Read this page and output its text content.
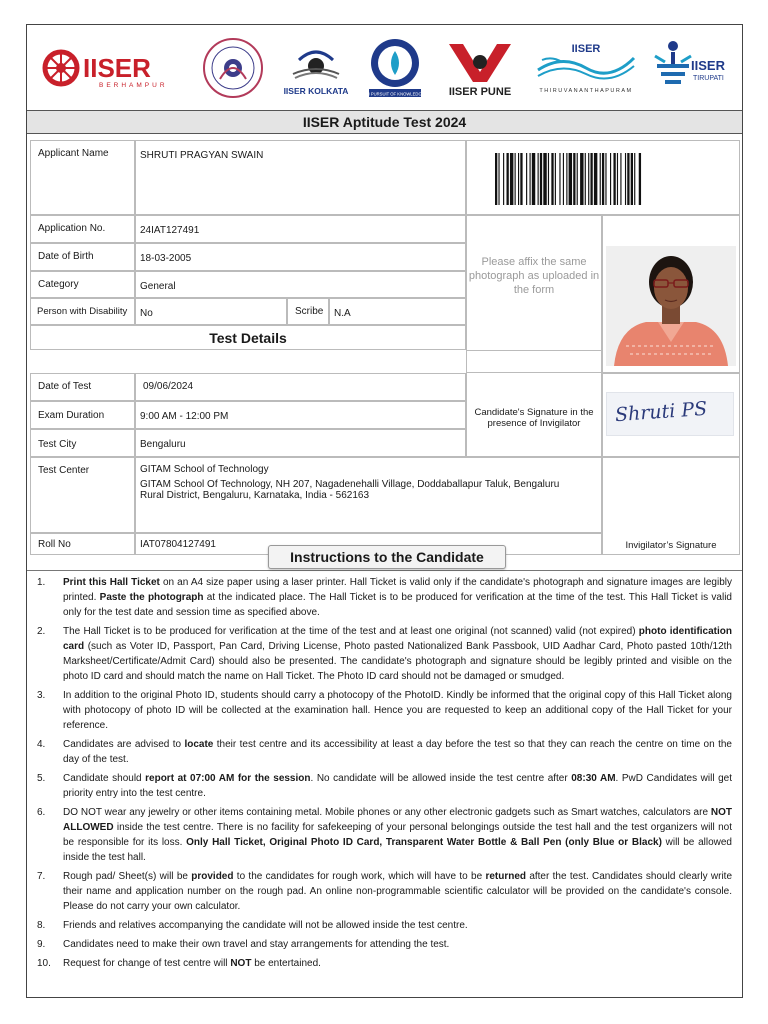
IISER
BERHAMPUR
IISER KOLKATA	IN PURSUIT OF KNOWLEDGE IISER PUNE
IISER
THIRUVANANTHAPURAM
IISER
TIRUPATI
IISER Aptitude Test 2024
Applicant Name	SHRUTI PRAGYAN SWAIN
Application No.	24IAT127491
Date of Birth	18-03-2005
Category	General
Person with Disability	No	Scribe	N.A
Please affix the same photograph as uploaded in the form
Test Details
Date of Test	09/06/2024
Exam Duration	9:00 AM - 12:00 PM
Test City	Bengaluru
Candidate's Signature in the presence of Invigilator	Shruti PS
Test Center	GITAM School of Technology
GITAM School Of Technology, NH 207, Nagadenehalli Village, Doddaballapur Taluk, Bengaluru Rural District, Bengaluru, Karnataka, India - 562163
Roll No	IAT07804127491	Invigilator’s Signature
Instructions to the Candidate
1. Print this Hall Ticket on an A4 size paper using a laser printer. Hall Ticket is valid only if the candidate's photograph and signature images are legibly printed. Paste the photograph at the indicated place. The Hall Ticket is to be produced for verification at the time of the test. This Hall Ticket is valid only for the test date and session time as specified above.
2. The Hall Ticket is to be produced for verification at the time of the test and at least one original (not scanned) valid (not expired) photo identification card (such as Voter ID, Passport, Pan Card, Driving License, Photo pasted Nationalized Bank Passbook, UID Aadhar Card, Photo pasted 10th/12th Marksheet/Certificate/Admit Card) should also be presented. The candidate's photograph and signature should be legibly printed and visible on the photo ID card and should match the name on Hall Ticket. The Photo ID card should not be damaged or smudged.
3. In addition to the original Photo ID, students should carry a photocopy of the PhotoID. Kindly be informed that the original copy of this Hall Ticket along with photocopy of photo ID will be collected at the examination hall. Hence you are requested to keep an additional copy of the Hall Ticket for your reference.
4. Candidates are advised to locate their test centre and its accessibility at least a day before the test so that they can reach the centre on time on the day of the test.
5. Candidate should report at 07:00 AM for the session. No candidate will be allowed inside the test centre after 08:30 AM. PwD Candidates will get priority entry into the test centre.
6. DO NOT wear any jewelry or other items containing metal. Mobile phones or any other electronic gadgets such as Smart watches, calculators are NOT ALLOWED inside the test centre. There is no facility for safekeeping of your personal belongings outside the test hall and the test organizers will not be responsible for its loss. Only Hall Ticket, Original Photo ID Card, Transparent Water Bottle & Ball Pen (only Blue or Black) will be allowed inside the test hall.
7. Rough pad/ Sheet(s) will be provided to the candidates for rough work, which will have to be returned after the test. Candidates should clearly write their name and application number on the rough pad. An online non-programmable scientific calculator will be provided on the candidate's console. Please do not carry your own calculator.
8. Friends and relatives accompanying the candidate will not be allowed inside the test centre.
9. Candidates need to make their own travel and stay arrangements for attending the test.
10. Request for change of test centre will NOT be entertained.
